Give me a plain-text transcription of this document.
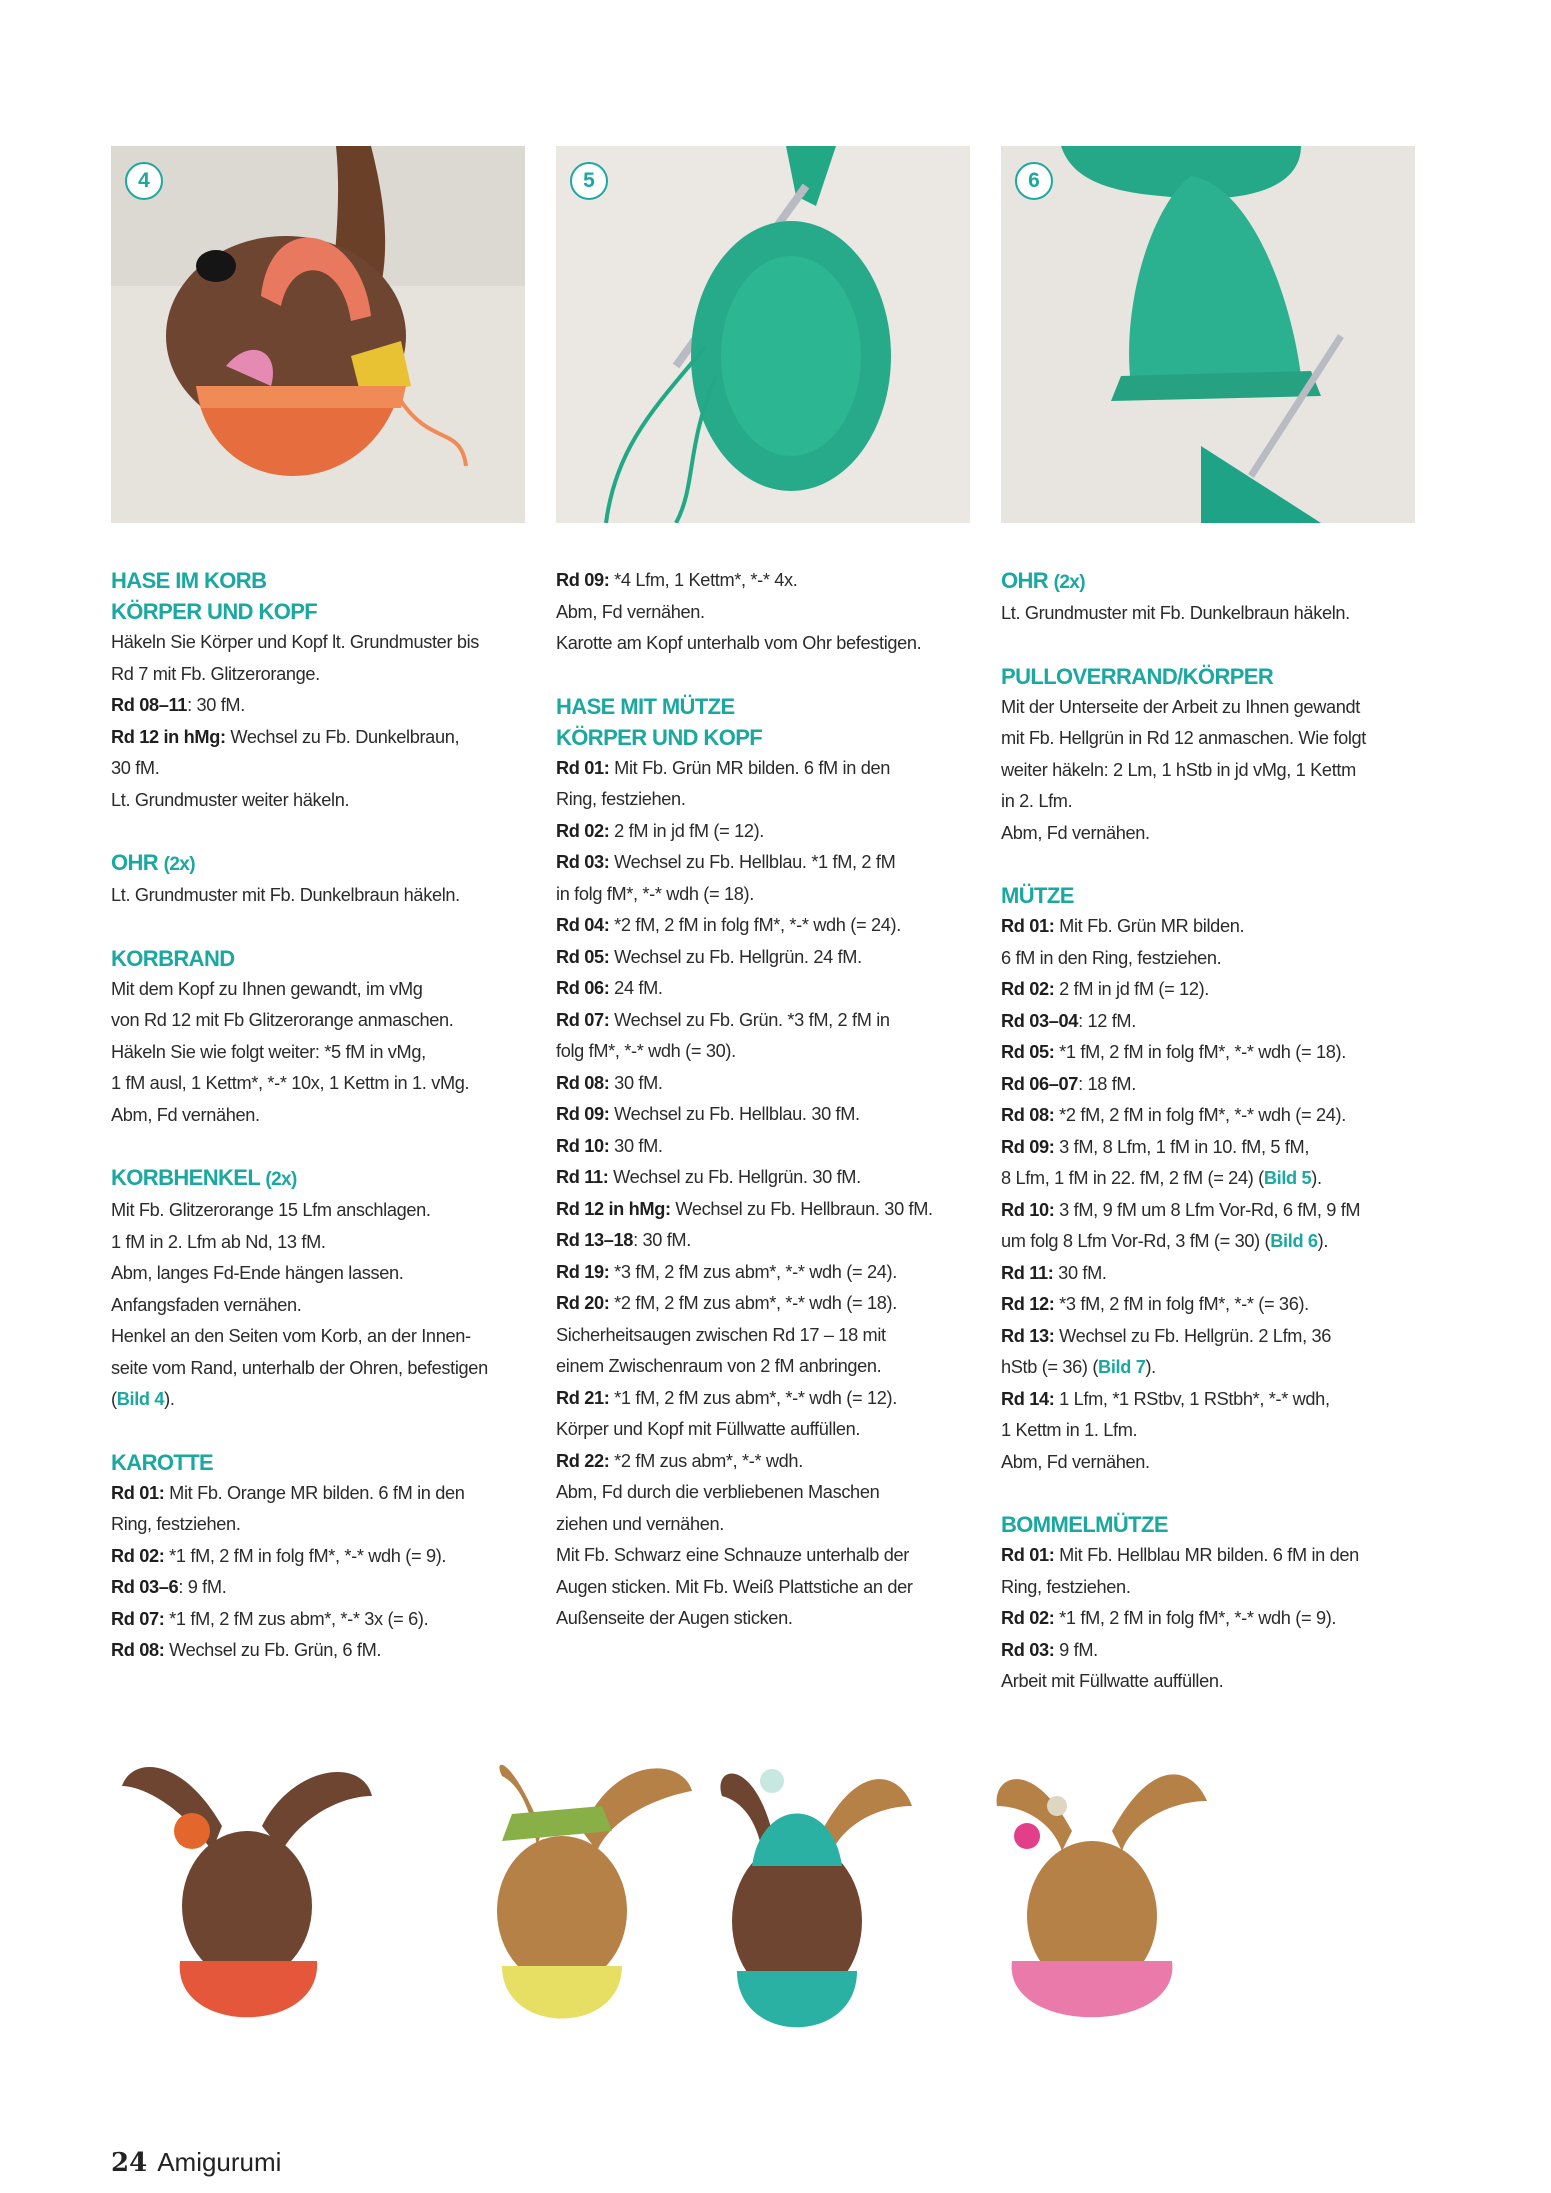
4	5	6
HASE IM KORB
KÖRPER UND KOPF
Häkeln Sie Körper und Kopf lt. Grundmuster bis
Rd 7 mit Fb. Glitzerorange.
Rd 08–11: 30 fM.
Rd 12 in hMg: Wechsel zu Fb. Dunkelbraun,
30 fM.
Lt. Grundmuster weiter häkeln.
OHR (2x)
Lt. Grundmuster mit Fb. Dunkelbraun häkeln.
KORBRAND
Mit dem Kopf zu Ihnen gewandt, im vMg
von Rd 12 mit Fb Glitzerorange anmaschen.
Häkeln Sie wie folgt weiter: *5 fM in vMg,
1 fM ausl, 1 Kettm*, *-* 10x, 1 Kettm in 1. vMg.
Abm, Fd vernähen.
KORBHENKEL (2x)
Mit Fb. Glitzerorange 15 Lfm anschlagen.
1 fM in 2. Lfm ab Nd, 13 fM.
Abm, langes Fd-Ende hängen lassen.
Anfangsfaden vernähen.
Henkel an den Seiten vom Korb, an der Innen-
seite vom Rand, unterhalb der Ohren, befestigen
(Bild 4).
KAROTTE
Rd 01: Mit Fb. Orange MR bilden. 6 fM in den
Ring, festziehen.
Rd 02: *1 fM, 2 fM in folg fM*, *-* wdh (= 9).
Rd 03–6: 9 fM.
Rd 07: *1 fM, 2 fM zus abm*, *-* 3x (= 6).
Rd 08: Wechsel zu Fb. Grün, 6 fM.
Rd 09: *4 Lfm, 1 Kettm*, *-* 4x.
Abm, Fd vernähen.
Karotte am Kopf unterhalb vom Ohr befestigen.
HASE MIT MÜTZE
KÖRPER UND KOPF
Rd 01: Mit Fb. Grün MR bilden. 6 fM in den
Ring, festziehen.
Rd 02: 2 fM in jd fM (= 12).
Rd 03: Wechsel zu Fb. Hellblau. *1 fM, 2 fM
in folg fM*, *-* wdh (= 18).
Rd 04: *2 fM, 2 fM in folg fM*, *-* wdh (= 24).
Rd 05: Wechsel zu Fb. Hellgrün. 24 fM.
Rd 06: 24 fM.
Rd 07: Wechsel zu Fb. Grün. *3 fM, 2 fM in
folg fM*, *-* wdh (= 30).
Rd 08: 30 fM.
Rd 09: Wechsel zu Fb. Hellblau. 30 fM.
Rd 10: 30 fM.
Rd 11: Wechsel zu Fb. Hellgrün. 30 fM.
Rd 12 in hMg: Wechsel zu Fb. Hellbraun. 30 fM.
Rd 13–18: 30 fM.
Rd 19: *3 fM, 2 fM zus abm*, *-* wdh (= 24).
Rd 20: *2 fM, 2 fM zus abm*, *-* wdh (= 18).
Sicherheitsaugen zwischen Rd 17 – 18 mit
einem Zwischenraum von 2 fM anbringen.
Rd 21: *1 fM, 2 fM zus abm*, *-* wdh (= 12).
Körper und Kopf mit Füllwatte auffüllen.
Rd 22: *2 fM zus abm*, *-* wdh.
Abm, Fd durch die verbliebenen Maschen
ziehen und vernähen.
Mit Fb. Schwarz eine Schnauze unterhalb der
Augen sticken. Mit Fb. Weiß Plattstiche an der
Außenseite der Augen sticken.
OHR (2x)
Lt. Grundmuster mit Fb. Dunkelbraun häkeln.
PULLOVERRAND/KÖRPER
Mit der Unterseite der Arbeit zu Ihnen gewandt
mit Fb. Hellgrün in Rd 12 anmaschen. Wie folgt
weiter häkeln: 2 Lm, 1 hStb in jd vMg, 1 Kettm
in 2. Lfm.
Abm, Fd vernähen.
MÜTZE
Rd 01: Mit Fb. Grün MR bilden.
6 fM in den Ring, festziehen.
Rd 02: 2 fM in jd fM (= 12).
Rd 03–04: 12 fM.
Rd 05: *1 fM, 2 fM in folg fM*, *-* wdh (= 18).
Rd 06–07: 18 fM.
Rd 08: *2 fM, 2 fM in folg fM*, *-* wdh (= 24).
Rd 09: 3 fM, 8 Lfm, 1 fM in 10. fM, 5 fM,
8 Lfm, 1 fM in 22. fM, 2 fM (= 24) (Bild 5).
Rd 10: 3 fM, 9 fM um 8 Lfm Vor-Rd, 6 fM, 9 fM
um folg 8 Lfm Vor-Rd, 3 fM (= 30) (Bild 6).
Rd 11: 30 fM.
Rd 12: *3 fM, 2 fM in folg fM*, *-* (= 36).
Rd 13: Wechsel zu Fb. Hellgrün. 2 Lfm, 36
hStb (= 36) (Bild 7).
Rd 14: 1 Lfm, *1 RStbv, 1 RStbh*, *-* wdh,
1 Kettm in 1. Lfm.
Abm, Fd vernähen.
BOMMELMÜTZE
Rd 01: Mit Fb. Hellblau MR bilden. 6 fM in den
Ring, festziehen.
Rd 02: *1 fM, 2 fM in folg fM*, *-* wdh (= 9).
Rd 03: 9 fM.
Arbeit mit Füllwatte auffüllen.
24 Amigurumi
